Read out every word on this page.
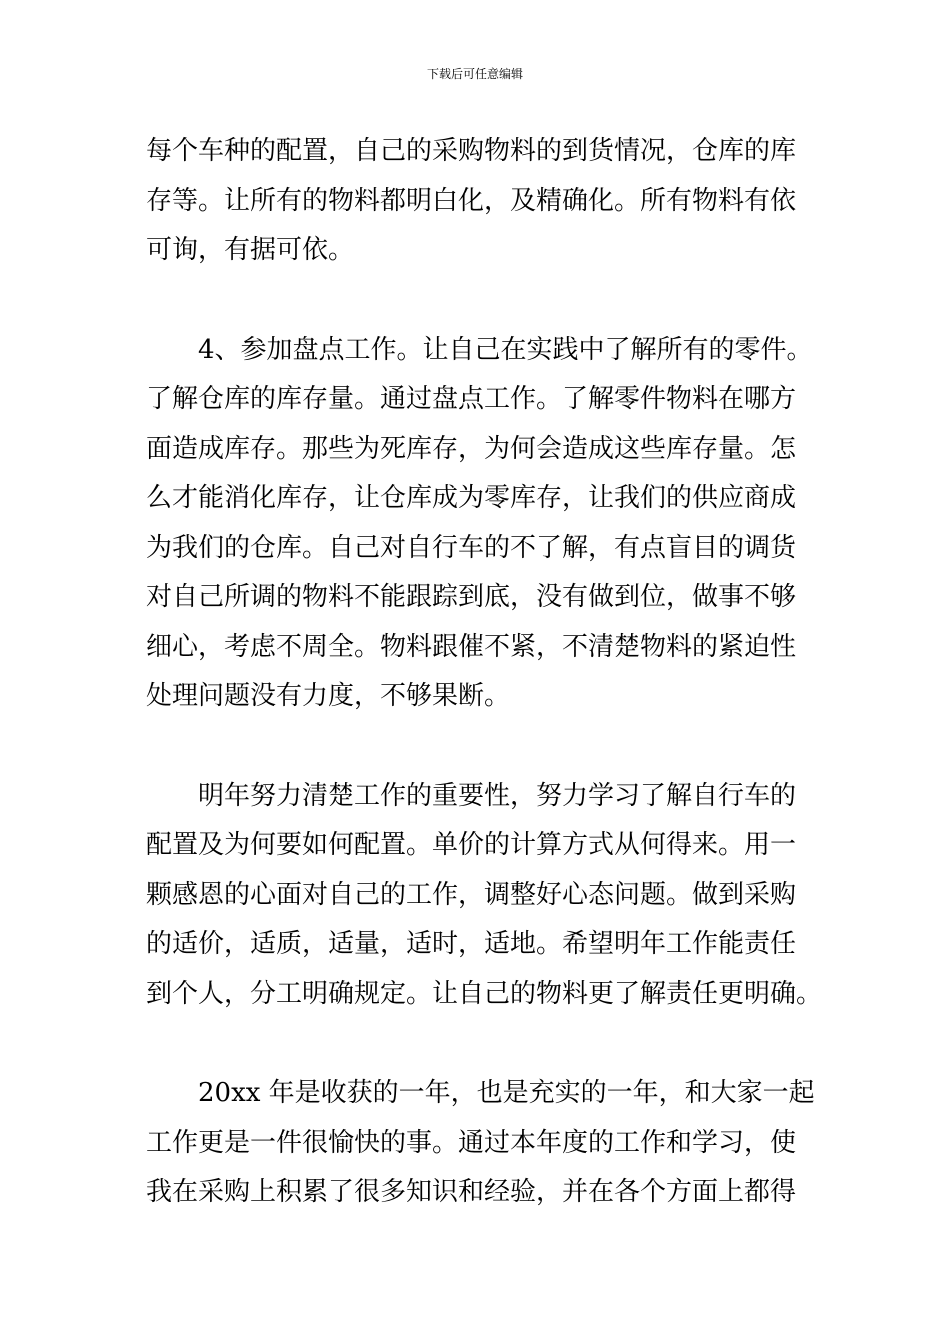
下载后可任意编辑
每个车种的配置，自己的采购物料的到货情况，仓库的库
存等。让所有的物料都明白化，及精确化。所有物料有依
可询，有据可依。
4、参加盘点工作。让自己在实践中了解所有的零件。
了解仓库的库存量。通过盘点工作。了解零件物料在哪方
面造成库存。那些为死库存，为何会造成这些库存量。怎
么才能消化库存，让仓库成为零库存，让我们的供应商成
为我们的仓库。自己对自行车的不了解，有点盲目的调货
对自己所调的物料不能跟踪到底，没有做到位，做事不够
细心，考虑不周全。物料跟催不紧，不清楚物料的紧迫性
处理问题没有力度，不够果断。
明年努力清楚工作的重要性，努力学习了解自行车的
配置及为何要如何配置。单价的计算方式从何得来。用一
颗感恩的心面对自己的工作，调整好心态问题。做到采购
的适价，适质，适量，适时，适地。希望明年工作能责任
到个人，分工明确规定。让自己的物料更了解责任更明确。
20xx 年是收获的一年，也是充实的一年，和大家一起
工作更是一件很愉快的事。通过本年度的工作和学习，使
我在采购上积累了很多知识和经验，并在各个方面上都得
